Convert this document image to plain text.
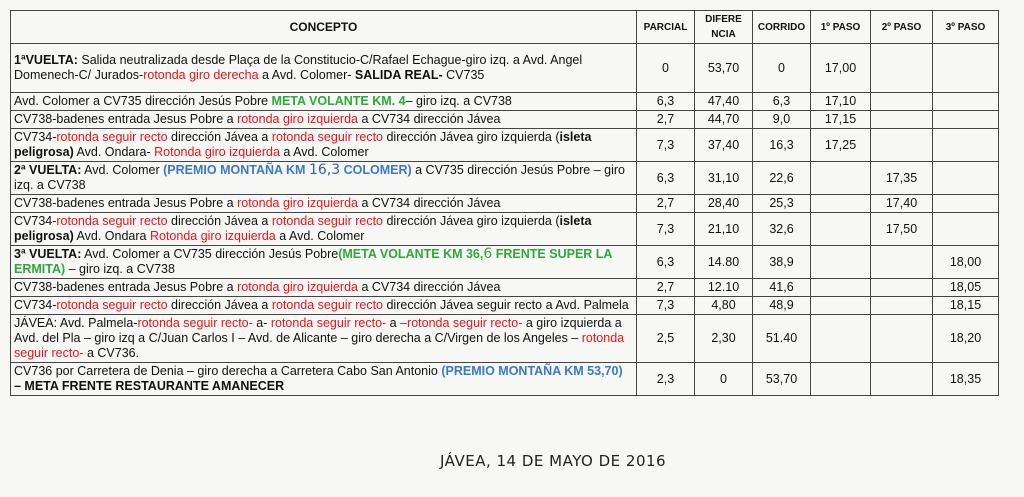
CONCEPTO	PARCIAL	DIFERE NCIA	CORRIDO	1º PASO	2º PASO	3º PASO
1ªVUELTA: Salida neutralizada desde Plaça de la Constitucio-C/Rafael Echague-giro izq. a Avd. Angel Domenech-C/ Jurados-rotonda giro derecha a Avd. Colomer- SALIDA REAL- CV735	0	53,70	0	17,00		
Avd. Colomer a CV735 dirección Jesús Pobre META VOLANTE KM. 4– giro izq. a CV738	6,3	47,40	6,3	17,10		
CV738-badenes entrada Jesus Pobre a rotonda giro izquierda a CV734 dirección Jávea	2,7	44,70	9,0	17,15		
CV734-rotonda seguir recto dirección Jávea a rotonda seguir recto dirección Jávea giro izquierda (isleta peligrosa) Avd. Ondara- Rotonda giro izquierda a Avd. Colomer	7,3	37,40	16,3	17,25		
2ª VUELTA: Avd. Colomer (PREMIO MONTAÑA KM 16,3 COLOMER) a CV735 dirección Jesús Pobre – giro izq. a CV738	6,3	31,10	22,6		17,35	
CV738-badenes entrada Jesus Pobre a rotonda giro izquierda a CV734 dirección Jávea	2,7	28,40	25,3		17,40	
CV734-rotonda seguir recto dirección Jávea a rotonda seguir recto dirección Jávea giro izquierda (isleta peligrosa) Avd. Ondara Rotonda giro izquierda a Avd. Colomer	7,3	21,10	32,6		17,50	
3ª VUELTA: Avd. Colomer a CV735 dirección Jesús Pobre(META VOLANTE KM 36,6 FRENTE SUPER LA ERMITA) – giro izq. a CV738	6,3	14.80	38,9			18,00
CV738-badenes entrada Jesus Pobre a rotonda giro izquierda a CV734 dirección Jávea	2,7	12.10	41,6			18,05
CV734-rotonda seguir recto dirección Jávea a rotonda seguir recto dirección Jávea seguir recto a Avd. Palmela	7,3	4,80	48,9			18,15
JÁVEA: Avd. Palmela-rotonda seguir recto- a- rotonda seguir recto- a –rotonda seguir recto- a giro izquierda a Avd. del Pla – giro izq a C/Juan Carlos I – Avd. de Alicante – giro derecha a C/Virgen de los Angeles – rotonda seguir recto- a CV736.	2,5	2,30	51.40			18,20
CV736 por Carretera de Denia – giro derecha a Carretera Cabo San Antonio (PREMIO MONTAÑA KM 53,70) – META FRENTE RESTAURANTE AMANECER	2,3	0	53,70			18,35
JÁVEA, 14 DE MAYO DE 2016
